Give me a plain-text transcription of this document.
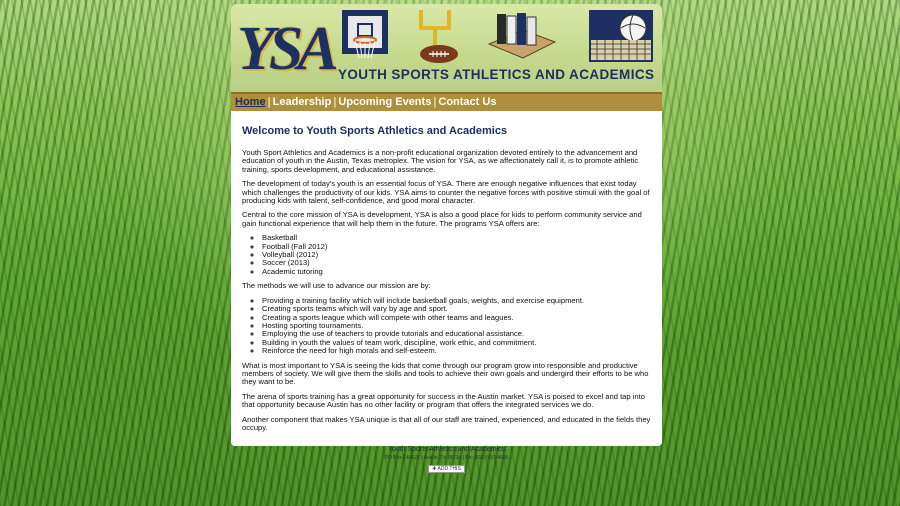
YSA YOUTH SPORTS ATHLETICS AND ACADEMICS
Home | Leadership | Upcoming Events | Contact Us
Welcome to Youth Sports Athletics and Academics

Youth Sport Athletics and Academics is a non-profit educational organization devoted entirely to the advancement and education of youth in the Austin, Texas metroplex. The vision for YSA, as we affectionately call it, is to promote athletic training, sports development, and educational assistance.

The development of today's youth is an essential focus of YSA. There are enough negative influences that exist today which challenges the productivity of our kids. YSA aims to counter the negative forces with positive stimuli with the goal of producing kids with talent, self-confidence, and good moral character.

Central to the core mission of YSA is development, YSA is also a good place for kids to perform community service and gain functional experience that will help them in the future. The programs YSA offers are:

◦ Basketball
◦ Football (Fall 2012)
◦ Volleyball (2012)
◦ Soccer (2013)
◦ Academic tutoring

The methods we will use to advance our mission are by:

◦ Providing a training facility which will include basketball goals, weights, and exercise equipment.
◦ Creating sports teams which will vary by age and sport.
◦ Creating a sports league which will compete with other teams and leagues.
◦ Hosting sporting tournaments.
◦ Employing the use of teachers to provide tutorials and educational assistance.
◦ Building in youth the values of team work, discipline, work ethic, and commitment.
◦ Reinforce the need for high morals and self-esteem.

What is most important to YSA is seeing the kids that come through our program grow into responsible and productive members of society. We will give them the skills and tools to achieve their own goals and undergird their efforts to be who they want to be.

The arena of sports training has a great opportunity for success in the Austin market. YSA is poised to excel and tap into that opportunity because Austin has no other facility or program that offers the integrated services we do.

Another component that makes YSA unique is that all of our staff are trained, experienced, and educated in the fields they occupy.

Youth Sports Athletics and Academics
PO Box 140022 | Austin, Tx 78714 | Ph: (512) 537-4605
✚ ADD THIS
